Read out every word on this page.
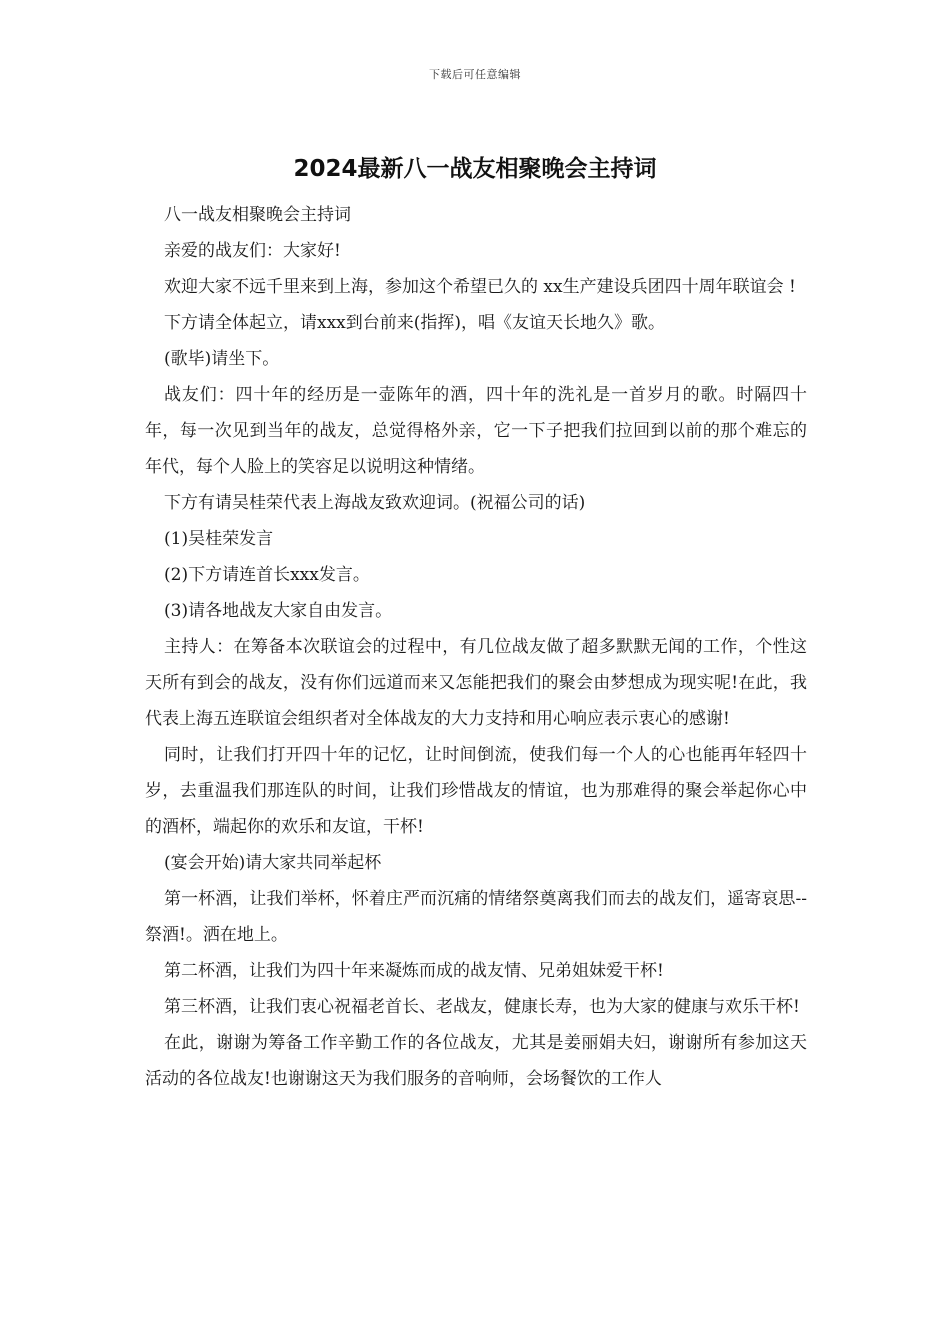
下载后可任意编辑
2024最新八一战友相聚晚会主持词

八一战友相聚晚会主持词

亲爱的战友们：大家好!

欢迎大家不远千里来到上海，参加这个希望已久的 xx生产建设兵团四十周年联谊会 !

下方请全体起立，请xxx到台前来(指挥)，唱《友谊天长地久》歌。

(歌毕)请坐下。

战友们：四十年的经历是一壶陈年的酒，四十年的洗礼是一首岁月的歌。时隔四十年，每一次见到当年的战友，总觉得格外亲，它一下子把我们拉回到以前的那个难忘的年代，每个人脸上的笑容足以说明这种情绪。

下方有请吴桂荣代表上海战友致欢迎词。(祝福公司的话)

(1)吴桂荣发言

(2)下方请连首长xxx发言。

(3)请各地战友大家自由发言。

主持人：在筹备本次联谊会的过程中，有几位战友做了超多默默无闻的工作，个性这天所有到会的战友，没有你们远道而来又怎能把我们的聚会由梦想成为现实呢!在此，我代表上海五连联谊会组织者对全体战友的大力支持和用心响应表示衷心的感谢!

同时，让我们打开四十年的记忆，让时间倒流，使我们每一个人的心也能再年轻四十岁，去重温我们那连队的时间，让我们珍惜战友的情谊，也为那难得的聚会举起你心中的酒杯，端起你的欢乐和友谊，干杯!

(宴会开始)请大家共同举起杯

第一杯酒，让我们举杯，怀着庄严而沉痛的情绪祭奠离我们而去的战友们，遥寄哀思--祭酒!。洒在地上。

第二杯酒，让我们为四十年来凝炼而成的战友情、兄弟姐妹爱干杯!

第三杯酒，让我们衷心祝福老首长、老战友，健康长寿，也为大家的健康与欢乐干杯!

在此，谢谢为筹备工作辛勤工作的各位战友，尤其是姜丽娟夫妇，谢谢所有参加这天活动的各位战友!也谢谢这天为我们服务的音响师，会场餐饮的工作人
